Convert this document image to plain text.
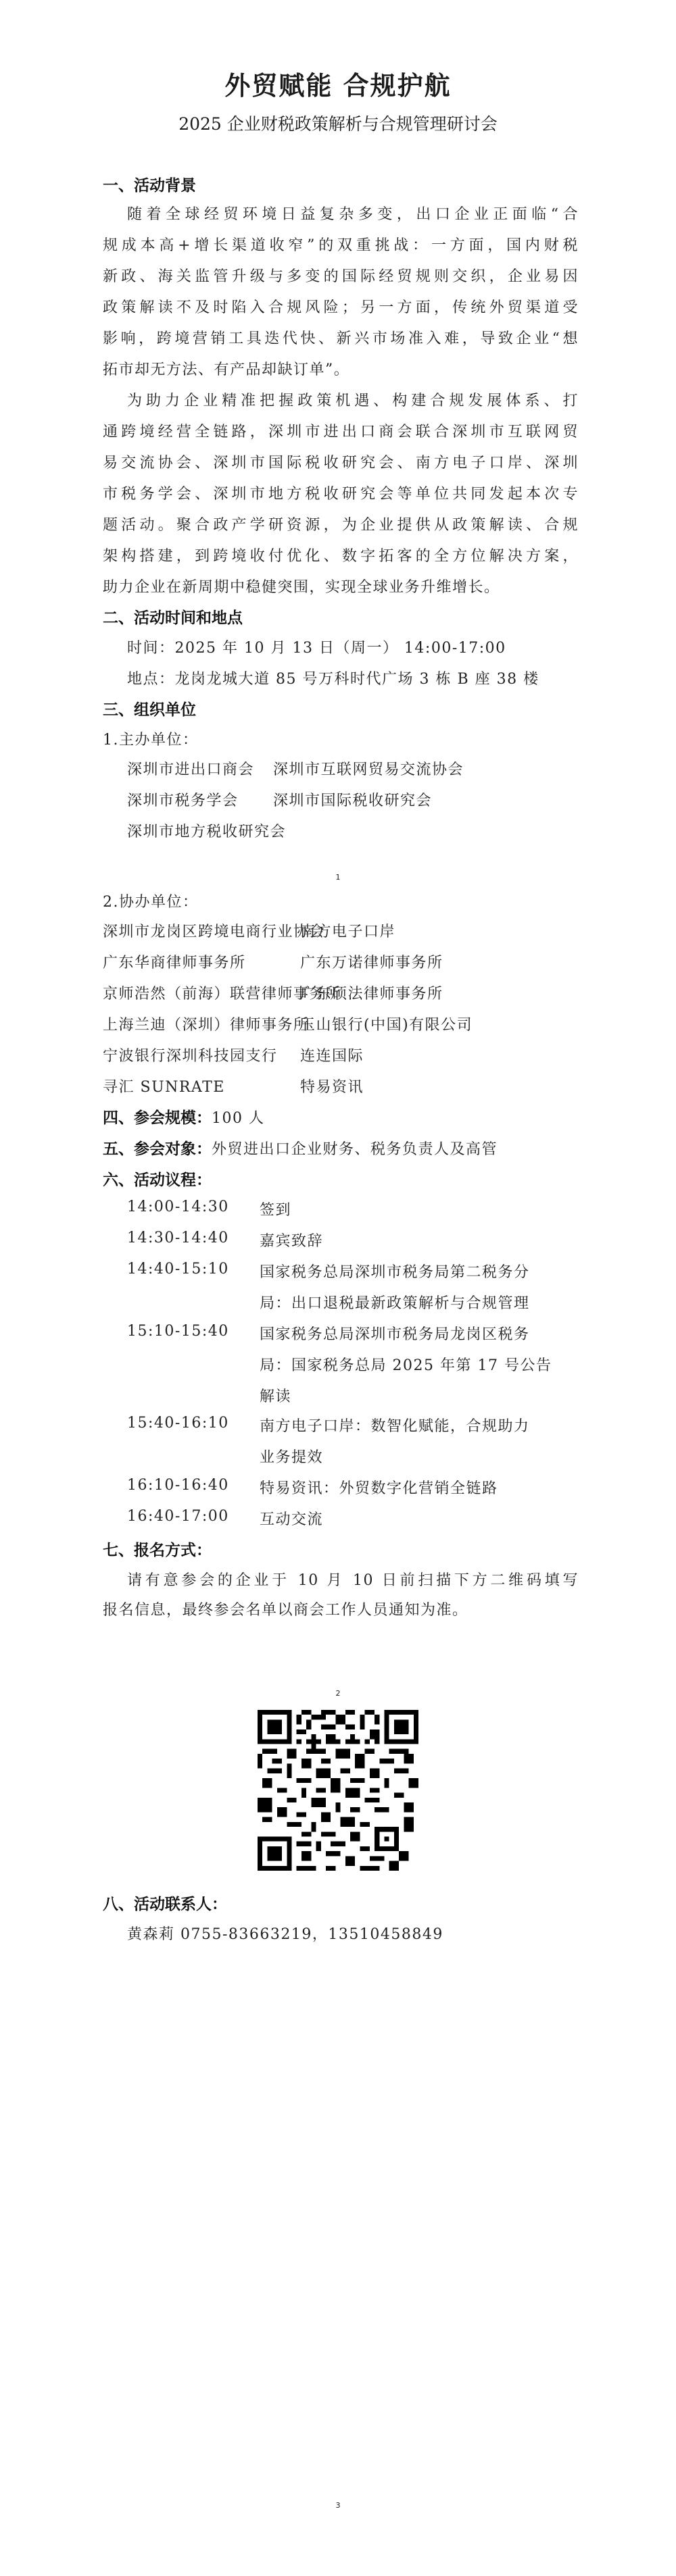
外贸赋能 合规护航
2025 企业财税政策解析与合规管理研讨会
一、活动背景
随着全球经贸环境日益复杂多变，出口企业正面临“合
规成本高+增长渠道收窄”的双重挑战：一方面，国内财税
新政、海关监管升级与多变的国际经贸规则交织，企业易因
政策解读不及时陷入合规风险；另一方面，传统外贸渠道受
影响，跨境营销工具迭代快、新兴市场准入难，导致企业“想
拓市却无方法、有产品却缺订单”。
为助力企业精准把握政策机遇、构建合规发展体系、打
通跨境经营全链路，深圳市进出口商会联合深圳市互联网贸
易交流协会、深圳市国际税收研究会、南方电子口岸、深圳
市税务学会、深圳市地方税收研究会等单位共同发起本次专
题活动。聚合政产学研资源，为企业提供从政策解读、合规
架构搭建，到跨境收付优化、数字拓客的全方位解决方案，
助力企业在新周期中稳健突围，实现全球业务升维增长。
二、活动时间和地点
时间：2025 年 10 月 13 日（周一） 14:00-17:00
地点：龙岗龙城大道 85 号万科时代广场 3 栋 B 座 38 楼
三、组织单位
1.主办单位：
深圳市进出口商会 深圳市互联网贸易交流协会
深圳市税务学会 深圳市国际税收研究会
深圳市地方税收研究会
1
2.协办单位：
深圳市龙岗区跨境电商行业协会
南方电子口岸
广东华商律师事务所	广东万诺律师事务所
京师浩然（前海）联营律师事务所
广东硕法律师事务所
上海兰迪（深圳）律师事务所
玉山银行(中国)有限公司
宁波银行深圳科技园支行 连连国际
寻汇 SUNRATE	特易资讯
四、参会规模：100 人
五、参会对象：外贸进出口企业财务、税务负责人及高管
六、活动议程：
14:00-14:30 签到
14:30-14:40 嘉宾致辞
14:40-15:10 国家税务总局深圳市税务局第二税务分
局：出口退税最新政策解析与合规管理
15:10-15:40 国家税务总局深圳市税务局龙岗区税务
局：国家税务总局 2025 年第 17 号公告
解读
15:40-16:10 南方电子口岸：数智化赋能，合规助力
业务提效
16:10-16:40 特易资讯：外贸数字化营销全链路
16:40-17:00 互动交流
七、报名方式：
请有意参会的企业于 10 月 10 日前扫描下方二维码填写
报名信息，最终参会名单以商会工作人员通知为准。
2
八、活动联系人：
黄森莉 0755-83663219，13510458849
3
